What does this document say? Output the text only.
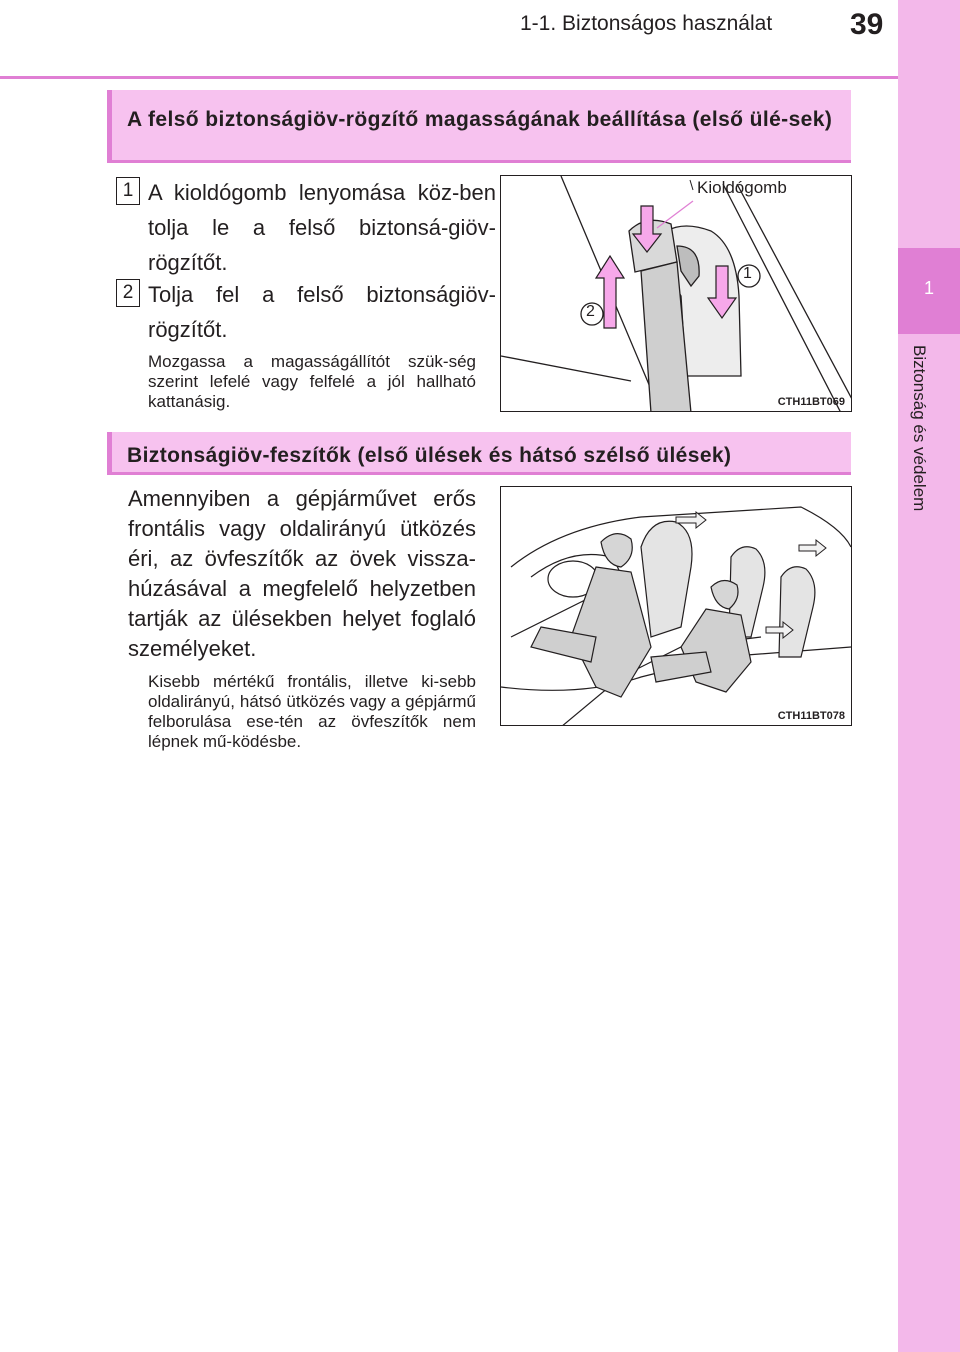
1-1. Biztonságos használat	39
1
Biztonság és védelem
A felső biztonságiöv-rögzítő magasságának beállítása (első ülé-sek)
1 A kioldógomb lenyomása köz-ben tolja le a felső biztonsá-giöv-rögzítőt.
2 Tolja fel a felső biztonságiöv-rögzítőt.
Mozgassa a magasságállítót szük-ség szerint lefelé vagy felfelé a jól hallható kattanásig.
Kioldógomb
1
2
CTH11BT069
Biztonságiöv-feszítők (első ülések és hátsó szélső ülések)
Amennyiben a gépjárművet erős frontális vagy oldalirányú ütközés éri, az övfeszítők az övek vissza-húzásával a megfelelő helyzetben tartják az ülésekben helyet foglaló személyeket.
Kisebb mértékű frontális, illetve ki-sebb oldalirányú, hátsó ütközés vagy a gépjármű felborulása ese-tén az övfeszítők nem lépnek mű-ködésbe.
CTH11BT078
